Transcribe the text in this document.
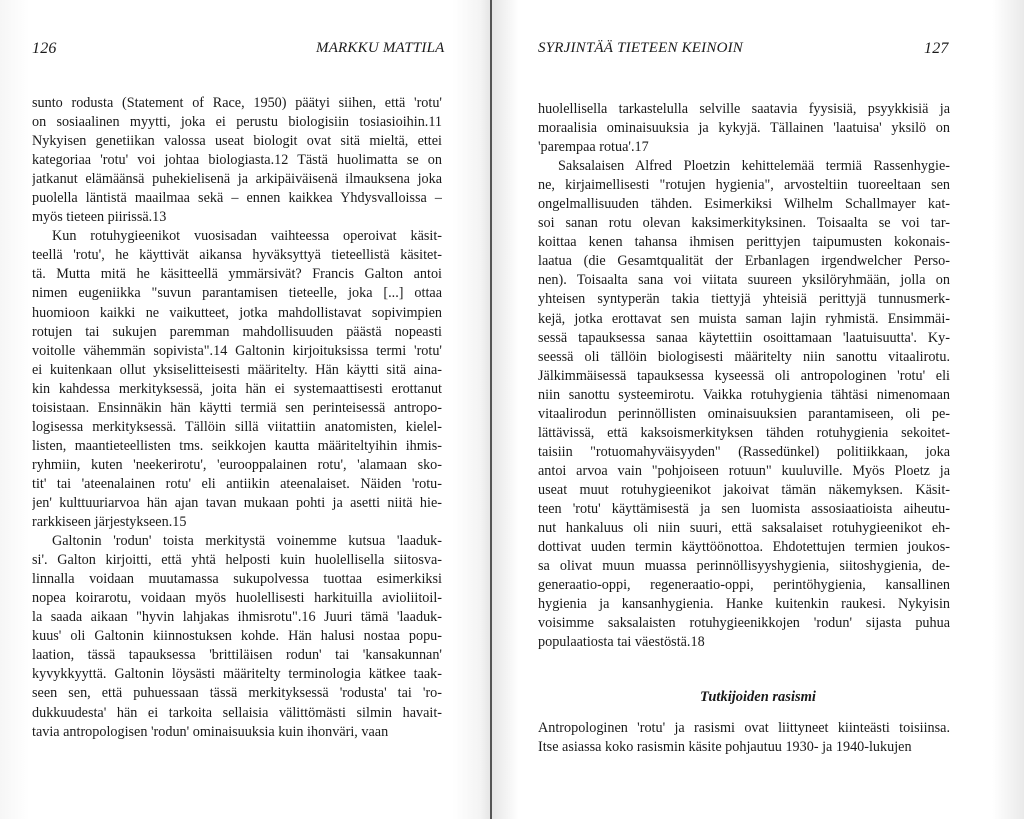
126	MARKKU MATTILA
sunto rodusta (Statement of Race, 1950) päätyi siihen, että 'rotu'
on sosiaalinen myytti, joka ei perustu biologisiin tosiasioihin.11
Nykyisen genetiikan valossa useat biologit ovat sitä mieltä, ettei
kategoriaa 'rotu' voi johtaa biologiasta.12 Tästä huolimatta se on
jatkanut elämäänsä puhekielisenä ja arkipäiväisenä ilmauksena joka
puolella läntistä maailmaa sekä – ennen kaikkea Yhdysvalloissa –
myös tieteen piirissä.13
Kun rotuhygieenikot vuosisadan vaihteessa operoivat käsit-
teellä 'rotu', he käyttivät aikansa hyväksyttyä tieteellistä käsitet-
tä. Mutta mitä he käsitteellä ymmärsivät? Francis Galton antoi
nimen eugeniikka "suvun parantamisen tieteelle, joka [...] ottaa
huomioon kaikki ne vaikutteet, jotka mahdollistavat sopivimpien
rotujen tai sukujen paremman mahdollisuuden päästä nopeasti
voitolle vähemmän sopivista".14 Galtonin kirjoituksissa termi 'rotu'
ei kuitenkaan ollut yksiselitteisesti määritelty. Hän käytti sitä aina-
kin kahdessa merkityksessä, joita hän ei systemaattisesti erottanut
toisistaan. Ensinnäkin hän käytti termiä sen perinteisessä antropo-
logisessa merkityksessä. Tällöin sillä viitattiin anatomisten, kielel-
listen, maantieteellisten tms. seikkojen kautta määriteltyihin ihmis-
ryhmiin, kuten 'neekerirotu', 'eurooppalainen rotu', 'alamaan sko-
tit' tai 'ateenalainen rotu' eli antiikin ateenalaiset. Näiden 'rotu-
jen' kulttuuriarvoa hän ajan tavan mukaan pohti ja asetti niitä hie-
rarkkiseen järjestykseen.15
Galtonin 'rodun' toista merkitystä voinemme kutsua 'laaduk-
si'. Galton kirjoitti, että yhtä helposti kuin huolellisella siitosva-
linnalla voidaan muutamassa sukupolvessa tuottaa esimerkiksi
nopea koirarotu, voidaan myös huolellisesti harkituilla avioliitoil-
la saada aikaan "hyvin lahjakas ihmisrotu".16 Juuri tämä 'laaduk-
kuus' oli Galtonin kiinnostuksen kohde. Hän halusi nostaa popu-
laation, tässä tapauksessa 'brittiläisen rodun' tai 'kansakunnan'
kyvykkyyttä. Galtonin löysästi määritelty terminologia kätkee taak-
seen sen, että puhuessaan tässä merkityksessä 'rodusta' tai 'ro-
dukkuudesta' hän ei tarkoita sellaisia välittömästi silmin havait-
tavia antropologisen 'rodun' ominaisuuksia kuin ihonväri, vaan
SYRJINTÄÄ TIETEEN KEINOIN	127
huolellisella tarkastelulla selville saatavia fyysisiä, psyykkisiä ja
moraalisia ominaisuuksia ja kykyjä. Tällainen 'laatuisa' yksilö on
'parempaa rotua'.17
Saksalaisen Alfred Ploetzin kehittelemää termiä Rassenhygie-
ne, kirjaimellisesti "rotujen hygienia", arvosteltiin tuoreeltaan sen
ongelmallisuuden tähden. Esimerkiksi Wilhelm Schallmayer kat-
soi sanan rotu olevan kaksimerkityksinen. Toisaalta se voi tar-
koittaa kenen tahansa ihmisen perittyjen taipumusten kokonais-
laatua (die Gesamtqualität der Erbanlagen irgendwelcher Perso-
nen). Toisaalta sana voi viitata suureen yksilöryhmään, jolla on
yhteisen syntyperän takia tiettyjä yhteisiä perittyjä tunnusmerk-
kejä, jotka erottavat sen muista saman lajin ryhmistä. Ensimmäi-
sessä tapauksessa sanaa käytettiin osoittamaan 'laatuisuutta'. Ky-
seessä oli tällöin biologisesti määritelty niin sanottu vitaalirotu.
Jälkimmäisessä tapauksessa kyseessä oli antropologinen 'rotu' eli
niin sanottu systeemirotu. Vaikka rotuhygienia tähtäsi nimenomaan
vitaalirodun perinnöllisten ominaisuuksien parantamiseen, oli pe-
lättävissä, että kaksoismerkityksen tähden rotuhygienia sekoitet-
taisiin "rotuomahyväisyyden" (Rassedünkel) politiikkaan, joka
antoi arvoa vain "pohjoiseen rotuun" kuuluville. Myös Ploetz ja
useat muut rotuhygieenikot jakoivat tämän näkemyksen. Käsit-
teen 'rotu' käyttämisestä ja sen luomista assosiaatioista aiheutu-
nut hankaluus oli niin suuri, että saksalaiset rotuhygieenikot eh-
dottivat uuden termin käyttöönottoa. Ehdotettujen termien joukos-
sa olivat muun muassa perinnöllisyyshygienia, siitoshygienia, de-
generaatio-oppi, regeneraatio-oppi, perintöhygienia, kansallinen
hygienia ja kansanhygienia. Hanke kuitenkin raukesi. Nykyisin
voisimme saksalaisten rotuhygieenikkojen 'rodun' sijasta puhua
populaatiosta tai väestöstä.18
Tutkijoiden rasismi
Antropologinen 'rotu' ja rasismi ovat liittyneet kiinteästi toisiinsa.
Itse asiassa koko rasismin käsite pohjautuu 1930- ja 1940-lukujen
